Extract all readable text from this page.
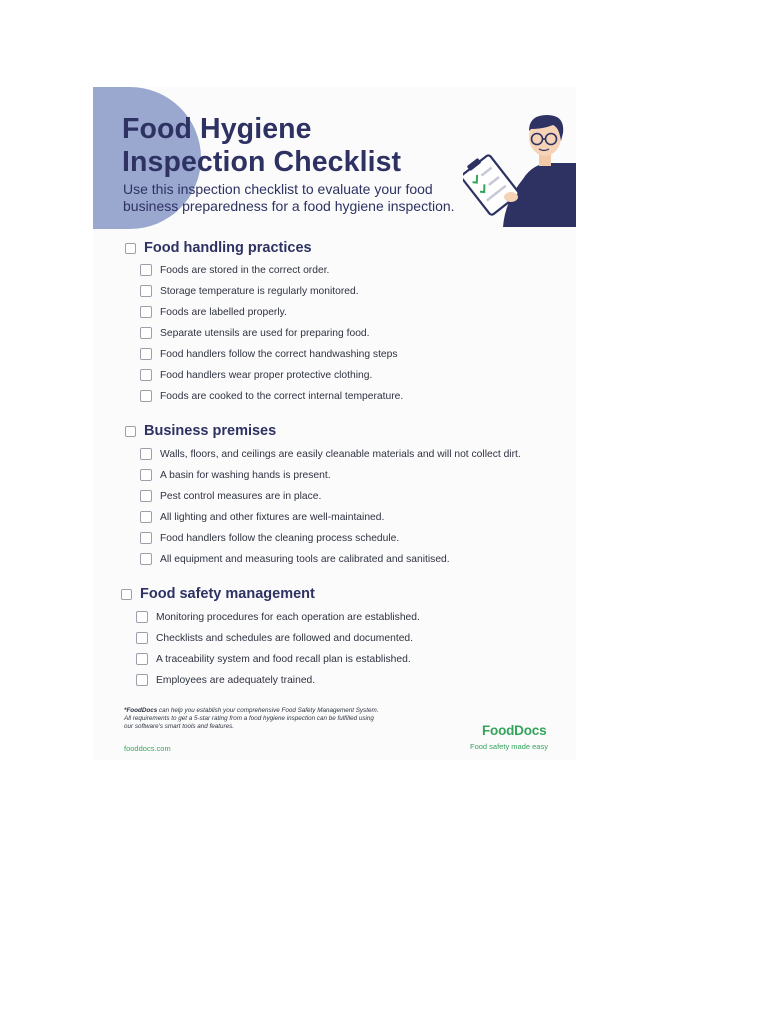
Food Hygiene
Inspection Checklist

Use this inspection checklist to evaluate your food
business preparedness for a food hygiene inspection.

Food handling practices
Foods are stored in the correct order.
Storage temperature is regularly monitored.
Foods are labelled properly.
Separate utensils are used for preparing food.
Food handlers follow the correct handwashing steps
Food handlers wear proper protective clothing.
Foods are cooked to the correct internal temperature.
Business premises
Walls, floors, and ceilings are easily cleanable materials and will not collect dirt.
A basin for washing hands is present.
Pest control measures are in place.
All lighting and other fixtures are well-maintained.
Food handlers follow the cleaning process schedule.
All equipment and measuring tools are calibrated and sanitised.
Food safety management
Monitoring procedures for each operation are established.
Checklists and schedules are followed and documented.
A traceability system and food recall plan is established.
Employees are adequately trained.

*FoodDocs can help you establish your comprehensive Food Safety Management System.
All requirements to get a 5-star rating from a food hygiene inspection can be fulfilled using
our software's smart tools and features.

fooddocs.com
FoodDocs
Food safety made easy
